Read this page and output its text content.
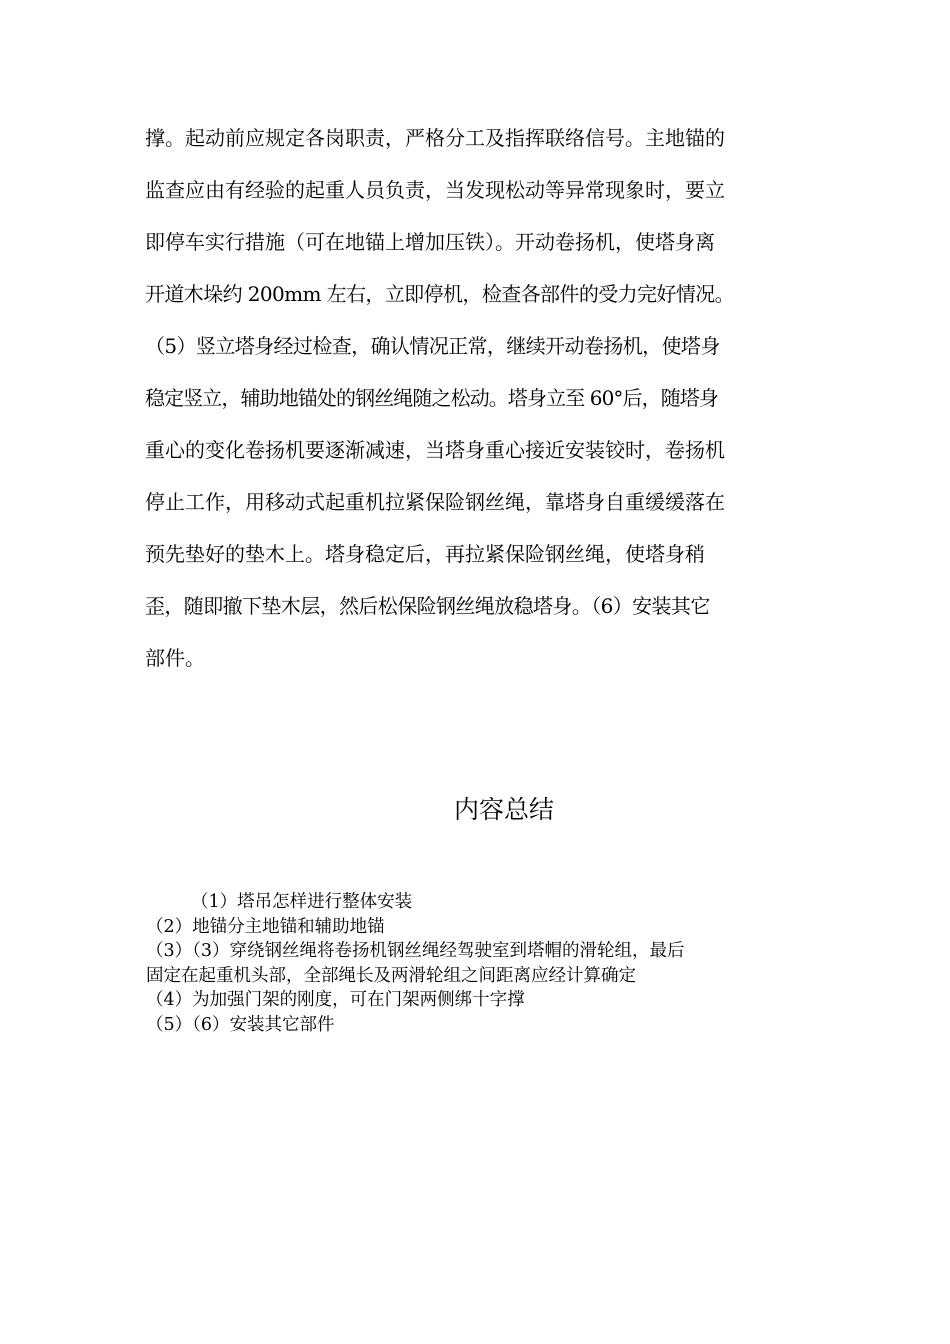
撑。起动前应规定各岗职责，严格分工及指挥联络信号。主地锚的
监查应由有经验的起重人员负责，当发现松动等异常现象时，要立
即停车实行措施（可在地锚上增加压铁）。开动卷扬机，使塔身离
开道木垛约 200mm 左右，立即停机，检查各部件的受力完好情况。
（5）竖立塔身经过检查，确认情况正常，继续开动卷扬机，使塔身
稳定竖立，辅助地锚处的钢丝绳随之松动。塔身立至 60°后，随塔身
重心的变化卷扬机要逐渐减速，当塔身重心接近安装铰时，卷扬机
停止工作，用移动式起重机拉紧保险钢丝绳，靠塔身自重缓缓落在
预先垫好的垫木上。塔身稳定后，再拉紧保险钢丝绳，使塔身稍
歪，随即撤下垫木层，然后松保险钢丝绳放稳塔身。（6）安装其它
部件。
内容总结
（1）塔吊怎样进行整体安装
（2）地锚分主地锚和辅助地锚
（3）（3）穿绕钢丝绳将卷扬机钢丝绳经驾驶室到塔帽的滑轮组，最后
固定在起重机头部，全部绳长及两滑轮组之间距离应经计算确定
（4）为加强门架的刚度，可在门架两侧绑十字撑
（5）（6）安装其它部件
